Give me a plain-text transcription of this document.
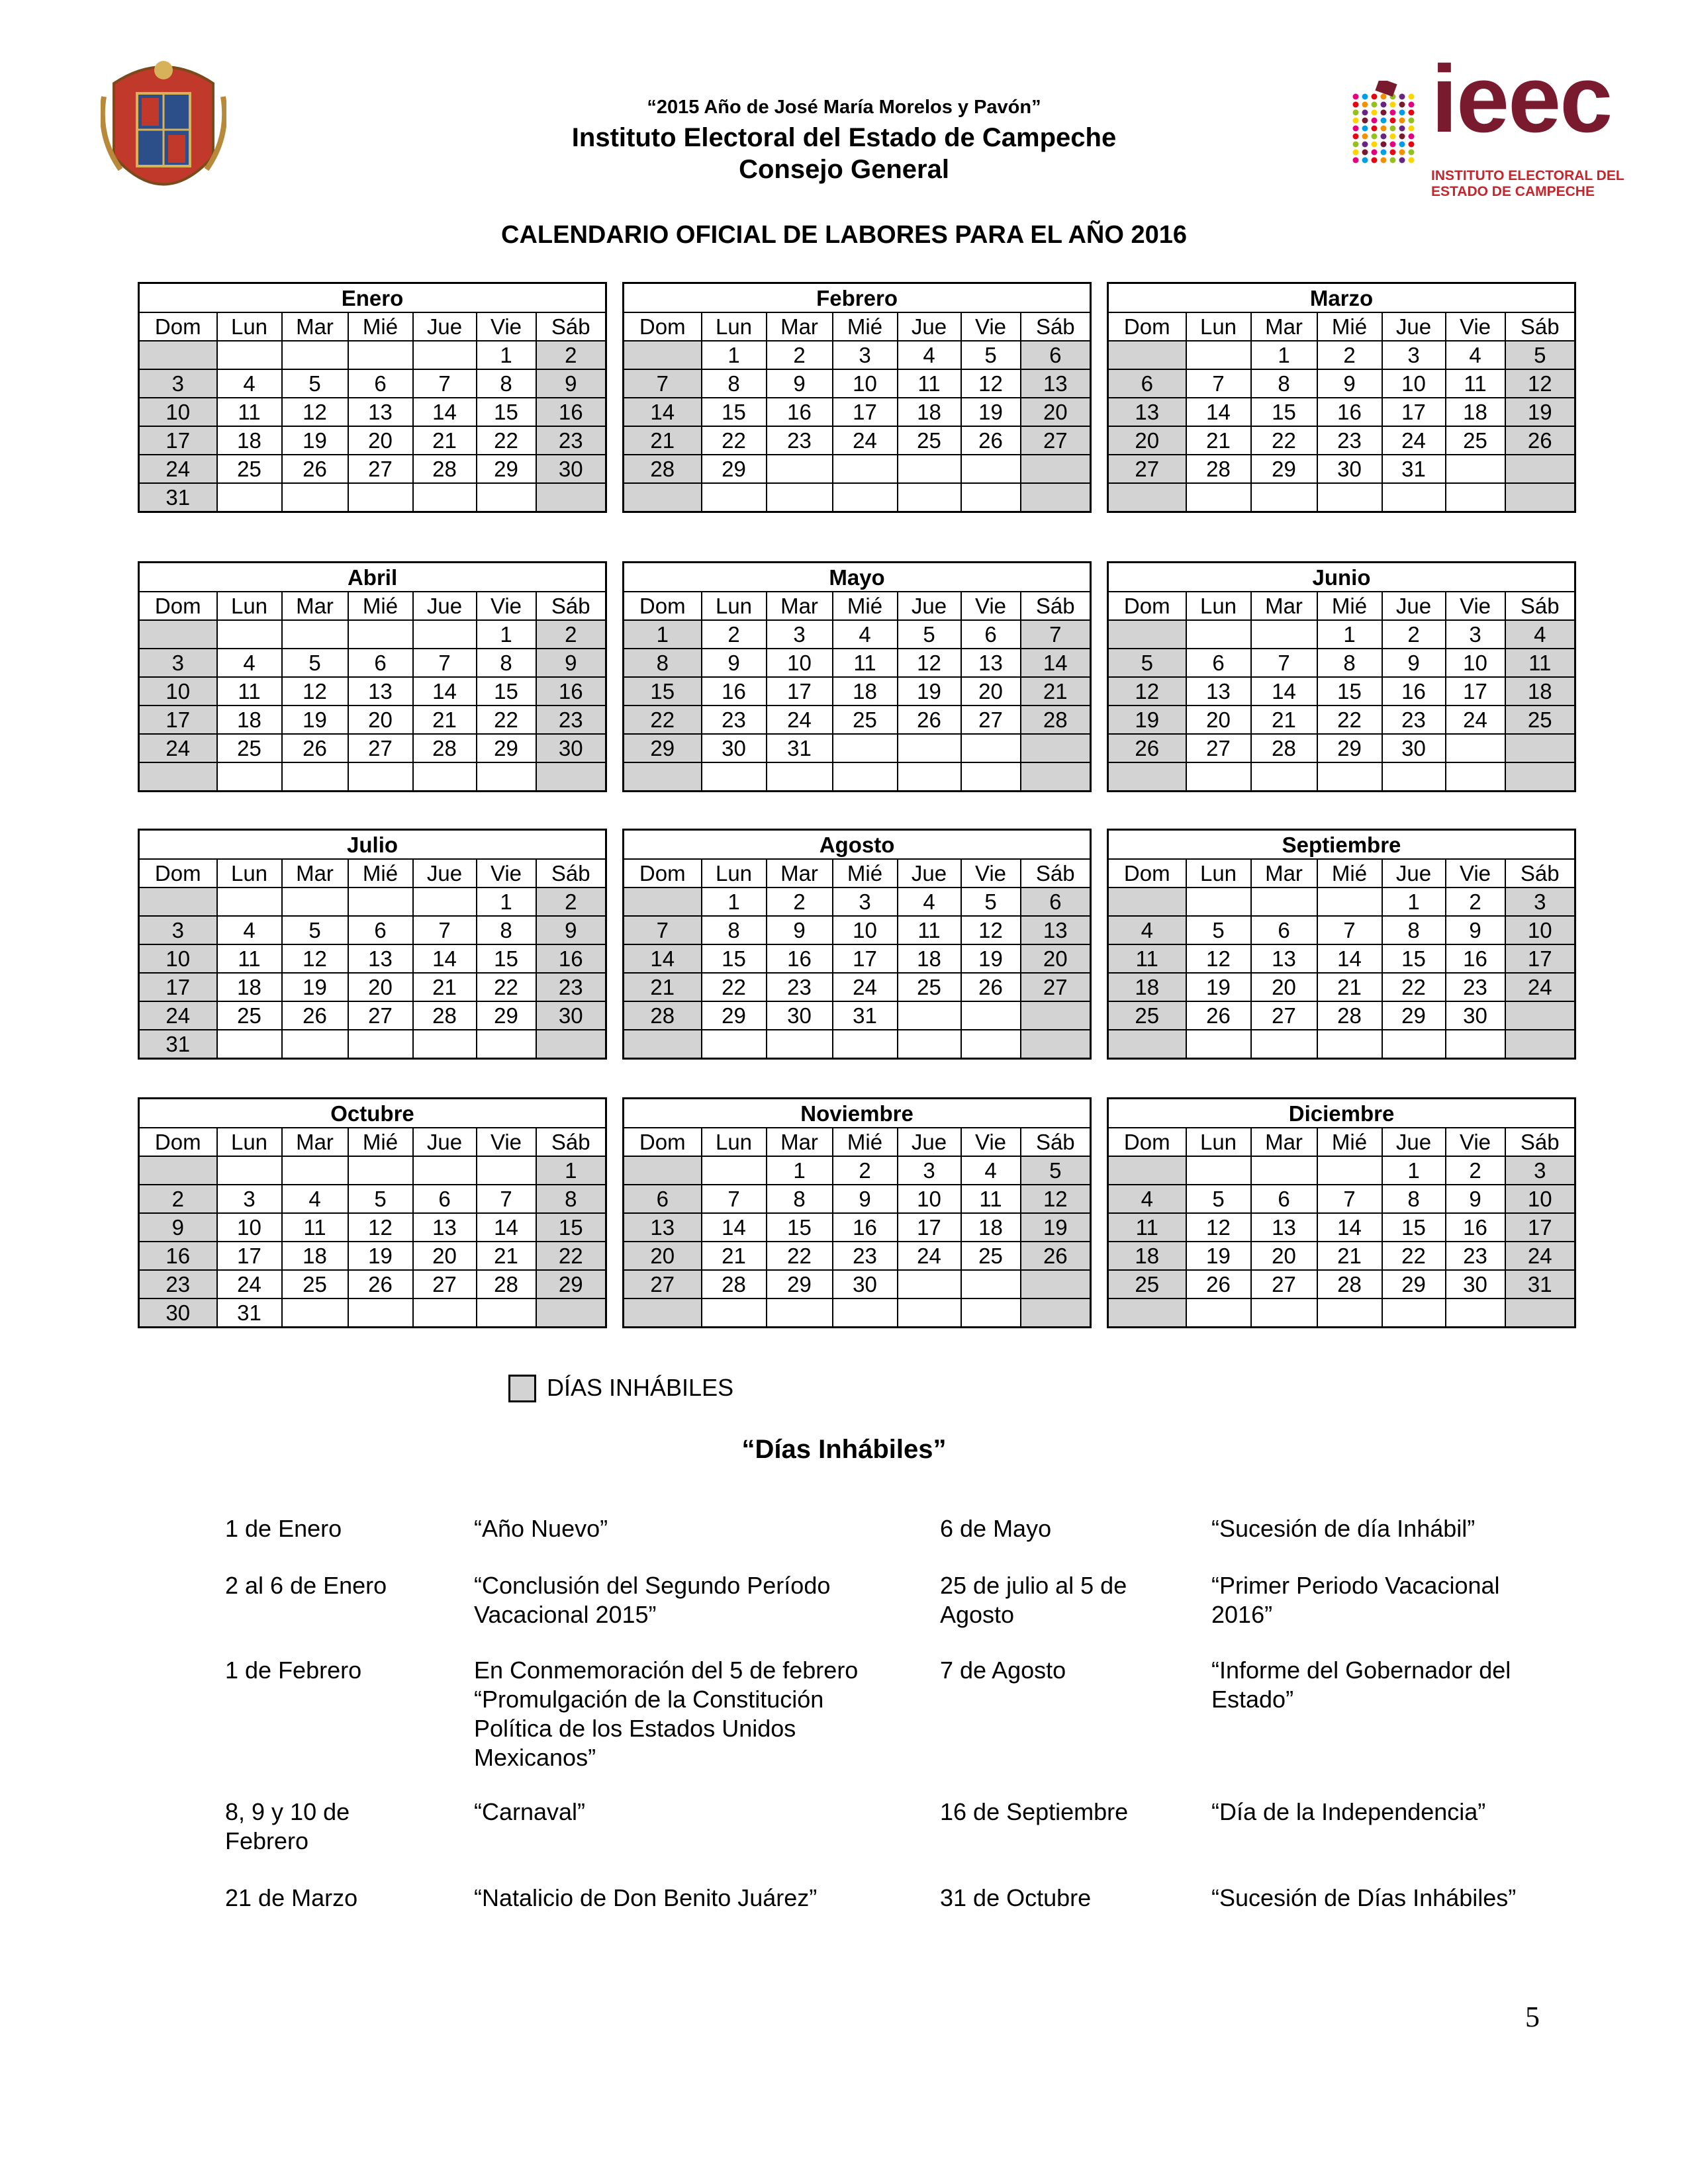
“2015 Año de José María Morelos y Pavón”
Instituto Electoral del Estado de Campeche
Consejo General
ieec
INSTITUTO ELECTORAL DEL
ESTADO DE CAMPECHE
CALENDARIO OFICIAL DE LABORES PARA EL AÑO 2016
Enero						
Dom	Lun	Mar	Mié	Jue	Vie	Sáb
					1	2
3	4	5	6	7	8	9
10	11	12	13	14	15	16
17	18	19	20	21	22	23
24	25	26	27	28	29	30
31						
Febrero						
Dom	Lun	Mar	Mié	Jue	Vie	Sáb
	1	2	3	4	5	6
7	8	9	10	11	12	13
14	15	16	17	18	19	20
21	22	23	24	25	26	27
28	29					

Marzo						
Dom	Lun	Mar	Mié	Jue	Vie	Sáb
		1	2	3	4	5
6	7	8	9	10	11	12
13	14	15	16	17	18	19
20	21	22	23	24	25	26
27	28	29	30	31		

Abril						
Dom	Lun	Mar	Mié	Jue	Vie	Sáb
					1	2
3	4	5	6	7	8	9
10	11	12	13	14	15	16
17	18	19	20	21	22	23
24	25	26	27	28	29	30

Mayo						
Dom	Lun	Mar	Mié	Jue	Vie	Sáb
1	2	3	4	5	6	7
8	9	10	11	12	13	14
15	16	17	18	19	20	21
22	23	24	25	26	27	28
29	30	31				

Junio						
Dom	Lun	Mar	Mié	Jue	Vie	Sáb
			1	2	3	4
5	6	7	8	9	10	11
12	13	14	15	16	17	18
19	20	21	22	23	24	25
26	27	28	29	30		

Julio						
Dom	Lun	Mar	Mié	Jue	Vie	Sáb
					1	2
3	4	5	6	7	8	9
10	11	12	13	14	15	16
17	18	19	20	21	22	23
24	25	26	27	28	29	30
31						
Agosto						
Dom	Lun	Mar	Mié	Jue	Vie	Sáb
	1	2	3	4	5	6
7	8	9	10	11	12	13
14	15	16	17	18	19	20
21	22	23	24	25	26	27
28	29	30	31			

Septiembre						
Dom	Lun	Mar	Mié	Jue	Vie	Sáb
				1	2	3
4	5	6	7	8	9	10
11	12	13	14	15	16	17
18	19	20	21	22	23	24
25	26	27	28	29	30	

Octubre						
Dom	Lun	Mar	Mié	Jue	Vie	Sáb
						1
2	3	4	5	6	7	8
9	10	11	12	13	14	15
16	17	18	19	20	21	22
23	24	25	26	27	28	29
30	31					
Noviembre						
Dom	Lun	Mar	Mié	Jue	Vie	Sáb
		1	2	3	4	5
6	7	8	9	10	11	12
13	14	15	16	17	18	19
20	21	22	23	24	25	26
27	28	29	30			

Diciembre						
Dom	Lun	Mar	Mié	Jue	Vie	Sáb
				1	2	3
4	5	6	7	8	9	10
11	12	13	14	15	16	17
18	19	20	21	22	23	24
25	26	27	28	29	30	31

DÍAS INHÁBILES
“Días Inhábiles”
1 de Enero	“Año Nuevo”
2 al 6 de Enero	“Conclusión del Segundo Período
Vacacional 2015”
1 de Febrero	En Conmemoración del 5 de febrero
“Promulgación de la Constitución
Política de los Estados Unidos
Mexicanos”
8, 9 y 10 de
Febrero
“Carnaval”
21 de Marzo	“Natalicio de Don Benito Juárez”
6 de Mayo	“Sucesión de día Inhábil”
25 de julio al 5 de
Agosto
“Primer Periodo Vacacional
2016”
7 de Agosto	“Informe del Gobernador del
Estado”
16 de Septiembre	“Día de la Independencia”
31 de Octubre	“Sucesión de Días Inhábiles”
5
